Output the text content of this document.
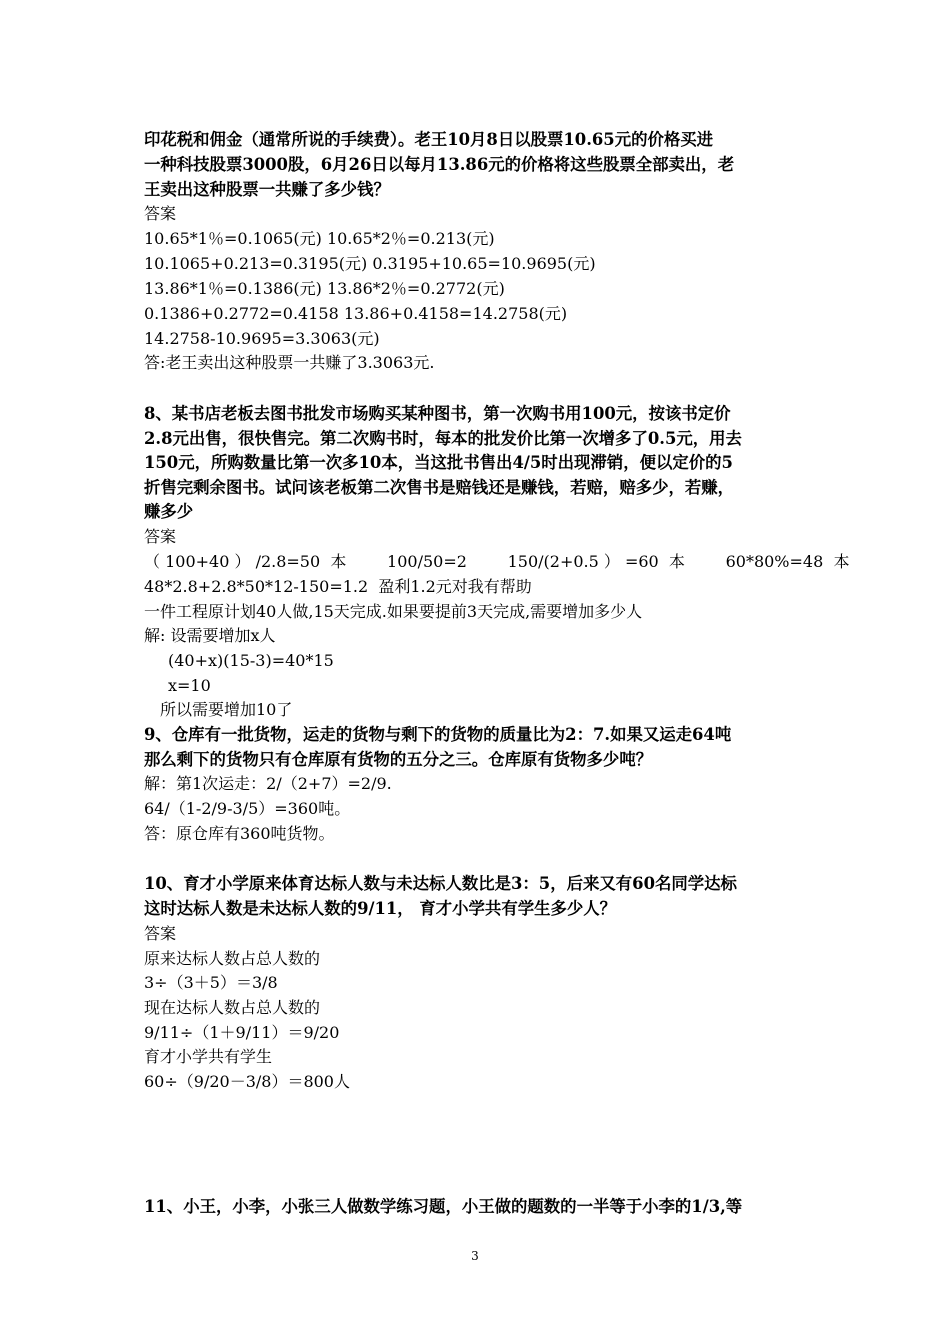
印花税和佣金（通常所说的手续费）。老王10月8日以股票10.65元的价格买进
一种科技股票3000股，6月26日以每月13.86元的价格将这些股票全部卖出，老
王卖出这种股票一共赚了多少钱？
答案
10.65*1％=0.1065(元) 10.65*2％=0.213(元)
10.1065+0.213=0.3195(元) 0.3195+10.65=10.9695(元)
13.86*1％=0.1386(元) 13.86*2％=0.2772(元)
0.1386+0.2772=0.4158 13.86+0.4158=14.2758(元)
14.2758-10.9695=3.3063(元)
答:老王卖出这种股票一共赚了3.3063元.
8、某书店老板去图书批发市场购买某种图书，第一次购书用100元，按该书定价
2.8元出售，很快售完。第二次购书时，每本的批发价比第一次增多了0.5元，用去
150元，所购数量比第一次多10本，当这批书售出4/5时出现滞销，便以定价的5
折售完剩余图书。试问该老板第二次售书是赔钱还是赚钱，若赔，赔多少，若赚，
赚多少
答案
（ 100+40 ） /2.8=50  本        100/50=2        150/(2+0.5 ） =60  本        60*80%=48  本
48*2.8+2.8*50*12-150=1.2  盈利1.2元对我有帮助
一件工程原计划40人做,15天完成.如果要提前3天完成,需要增加多少人
解: 设需要增加x人
(40+x)(15-3)=40*15
x=10
所以需要增加10了
9、仓库有一批货物，运走的货物与剩下的货物的质量比为2：7.如果又运走64吨
那么剩下的货物只有仓库原有货物的五分之三。仓库原有货物多少吨？
解：第1次运走：2/（2+7）=2/9.
64/（1-2/9-3/5）=360吨。
答：原仓库有360吨货物。
10、育才小学原来体育达标人数与未达标人数比是3：5，后来又有60名同学达标
这时达标人数是未达标人数的9/11， 育才小学共有学生多少人？
答案
原来达标人数占总人数的
3÷（3＋5）＝3/8
现在达标人数占总人数的
9/11÷（1＋9/11）＝9/20
育才小学共有学生
60÷（9/20－3/8）＝800人
11、小王，小李，小张三人做数学练习题，小王做的题数的一半等于小李的1/3,等
3
